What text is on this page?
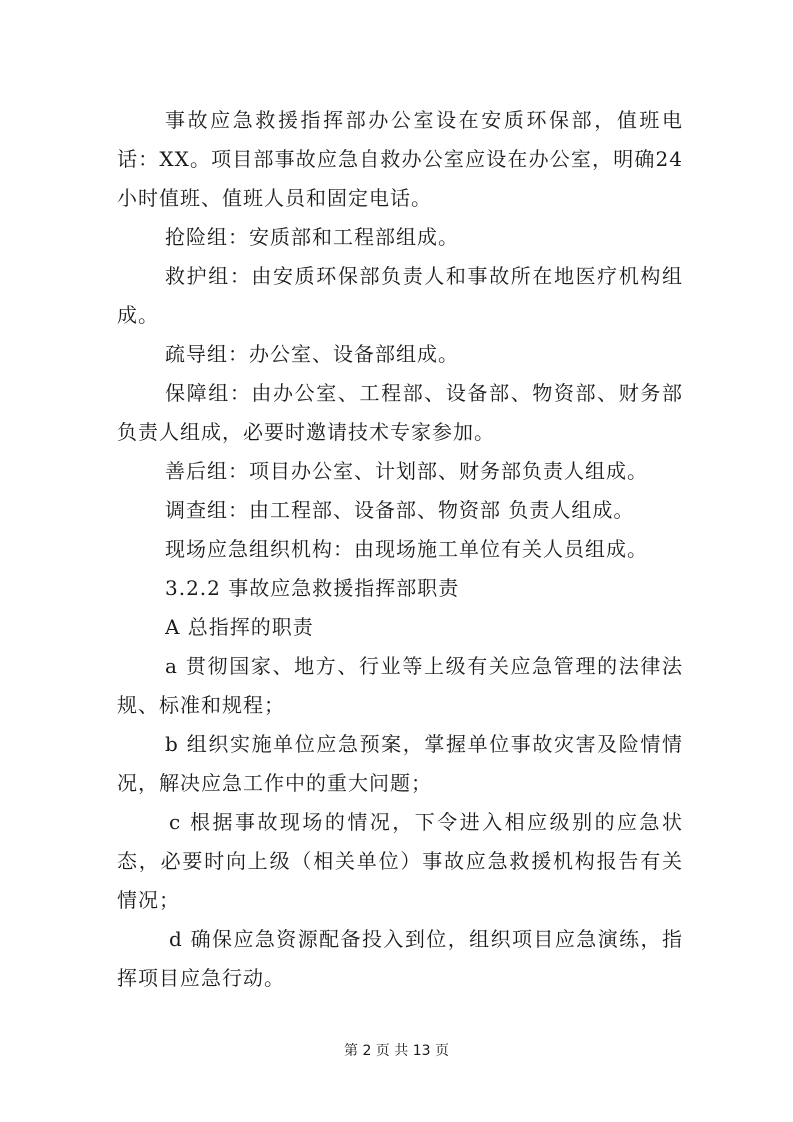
事故应急救援指挥部办公室设在安质环保部，值班电话：XX。项目部事故应急自救办公室应设在办公室，明确24小时值班、值班人员和固定电话。

抢险组：安质部和工程部组成。

救护组：由安质环保部负责人和事故所在地医疗机构组成。

疏导组：办公室、设备部组成。

保障组：由办公室、工程部、设备部、物资部、财务部负责人组成，必要时邀请技术专家参加。

善后组：项目办公室、计划部、财务部负责人组成。

调查组：由工程部、设备部、物资部 负责人组成。

现场应急组织机构：由现场施工单位有关人员组成。

3.2.2 事故应急救援指挥部职责

A 总指挥的职责

a 贯彻国家、地方、行业等上级有关应急管理的法律法规、标准和规程；

b 组织实施单位应急预案，掌握单位事故灾害及险情情况，解决应急工作中的重大问题；

c 根据事故现场的情况，下令进入相应级别的应急状态，必要时向上级（相关单位）事故应急救援机构报告有关情况；

d 确保应急资源配备投入到位，组织项目应急演练，指挥项目应急行动。

第 2 页 共 13 页
